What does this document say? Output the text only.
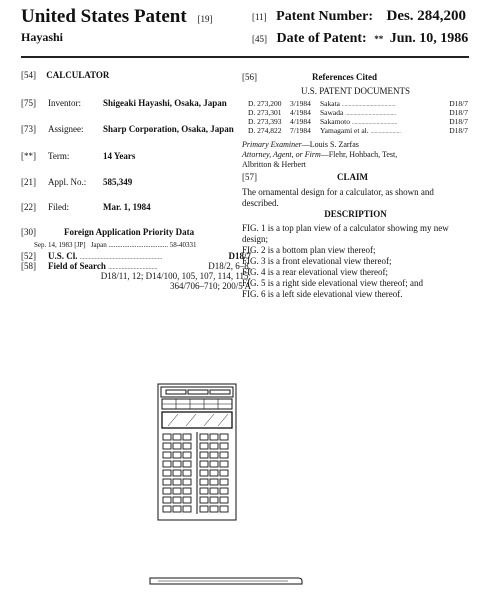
United States Patent [19]
Hayashi
[11] Patent Number: Des. 284,200
[45] Date of Patent: ** Jun. 10, 1986
[54] CALCULATOR
[75] Inventor: Shigeaki Hayashi, Osaka, Japan
[73] Assignee: Sharp Corporation, Osaka, Japan
[**] Term:	14 Years
[21] Appl. No.: 585,349
[22] Filed:	Mar. 1, 1984
[30]	Foreign Application Priority Data
Sep. 14, 1983 [JP]   Japan .................................. 58-40331
[52] U.S. Cl. .......................................................	D18/7
[58] Field of Search .................................	D18/2, 6–8,
D18/11, 12; D14/100, 105, 107, 114, 115;
364/706–710; 200/5 A
[56]	References Cited
U.S. PATENT DOCUMENTS
D. 273,200 3/1984 Sakata .......................................	D18/7
D. 273,301 4/1984 Sawada .....................................	D18/7
D. 273,393 4/1984 Sakamoto .................................	D18/7
D. 274,822 7/1984 Yamagami et al. ......................	D18/7
Primary Examiner—Louis S. Zarfas
Attorney, Agent, or Firm—Flehr, Hohbach, Test,
Albritton & Herbert
[57]	CLAIM
The ornamental design for a calculator, as shown and described.
DESCRIPTION
FIG. 1 is a top plan view of a calculator showing my new design;
FIG. 2 is a bottom plan view thereof;
FIG. 3 is a front elevational view thereof;
FIG. 4 is a rear elevational view thereof;
FIG. 5 is a right side elevational view thereof; and
FIG. 6 is a left side elevational view thereof.
